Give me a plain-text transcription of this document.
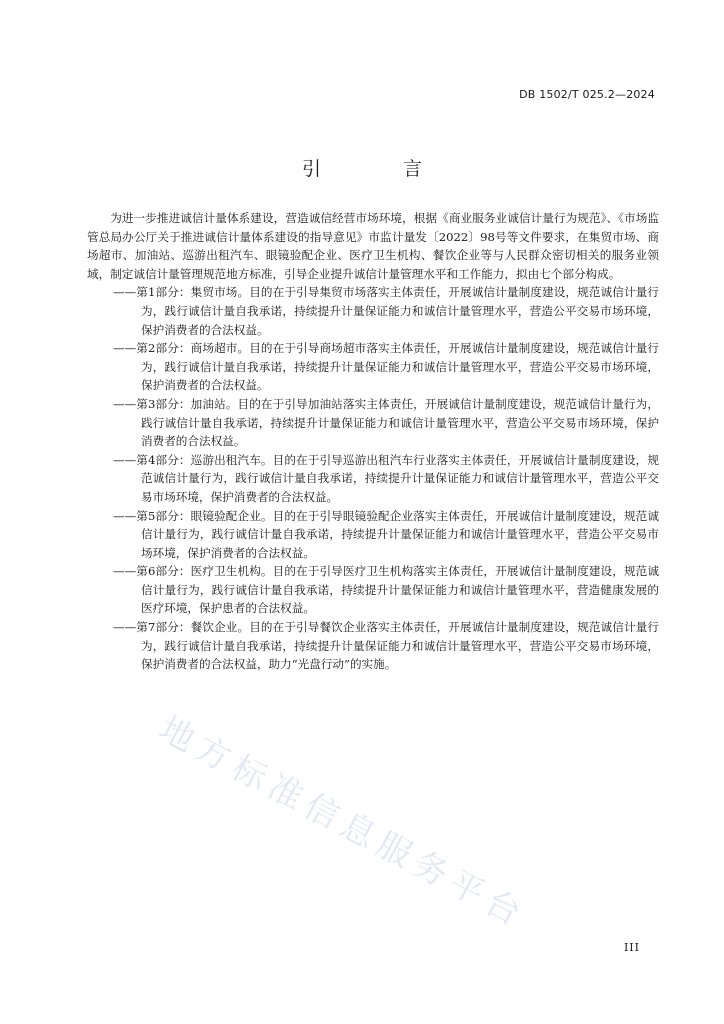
DB 1502/T 025.2—2024
引 言

为进一步推进诚信计量体系建设，营造诚信经营市场环境，根据《商业服务业诚信计量行为规范》、《市场监管总局办公厅关于推进诚信计量体系建设的指导意见》市监计量发〔2022〕98号等文件要求，在集贸市场、商场超市、加油站、巡游出租汽车、眼镜验配企业、医疗卫生机构、餐饮企业等与人民群众密切相关的服务业领域，制定诚信计量管理规范地方标准，引导企业提升诚信计量管理水平和工作能力，拟由七个部分构成。

——第1部分：集贸市场。目的在于引导集贸市场落实主体责任，开展诚信计量制度建设，规范诚信计量行为，践行诚信计量自我承诺，持续提升计量保证能力和诚信计量管理水平，营造公平交易市场环境，保护消费者的合法权益。

——第2部分：商场超市。目的在于引导商场超市落实主体责任，开展诚信计量制度建设，规范诚信计量行为，践行诚信计量自我承诺，持续提升计量保证能力和诚信计量管理水平，营造公平交易市场环境，保护消费者的合法权益。

——第3部分：加油站。目的在于引导加油站落实主体责任，开展诚信计量制度建设，规范诚信计量行为，践行诚信计量自我承诺，持续提升计量保证能力和诚信计量管理水平，营造公平交易市场环境，保护消费者的合法权益。

——第4部分：巡游出租汽车。目的在于引导巡游出租汽车行业落实主体责任，开展诚信计量制度建设，规范诚信计量行为，践行诚信计量自我承诺，持续提升计量保证能力和诚信计量管理水平，营造公平交易市场环境，保护消费者的合法权益。

——第5部分：眼镜验配企业。目的在于引导眼镜验配企业落实主体责任，开展诚信计量制度建设，规范诚信计量行为，践行诚信计量自我承诺，持续提升计量保证能力和诚信计量管理水平，营造公平交易市场环境，保护消费者的合法权益。

——第6部分：医疗卫生机构。目的在于引导医疗卫生机构落实主体责任，开展诚信计量制度建设，规范诚信计量行为，践行诚信计量自我承诺，持续提升计量保证能力和诚信计量管理水平，营造健康发展的医疗环境，保护患者的合法权益。

——第7部分：餐饮企业。目的在于引导餐饮企业落实主体责任，开展诚信计量制度建设，规范诚信计量行为，践行诚信计量自我承诺，持续提升计量保证能力和诚信计量管理水平，营造公平交易市场环境，保护消费者的合法权益，助力“光盘行动”的实施。

地方标准信息服务平台
III
